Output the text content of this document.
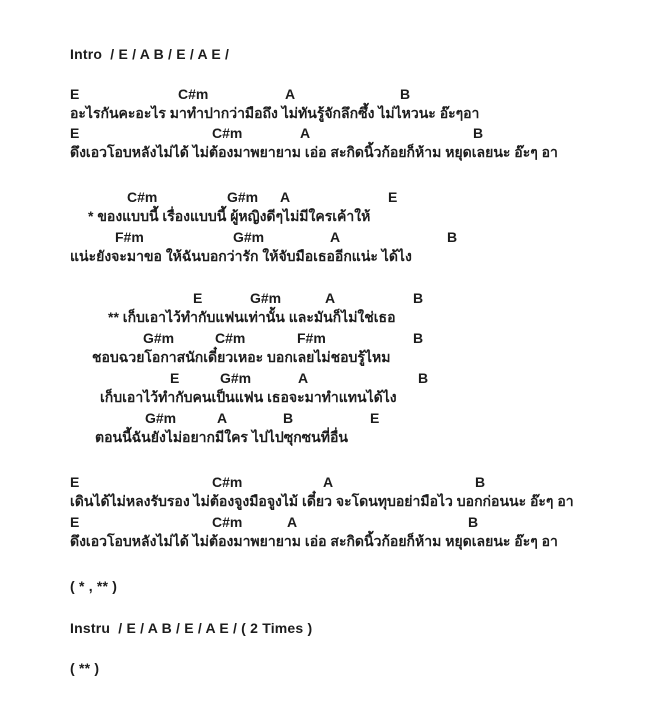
Intro  / E / A B / E / A E /
E	C#m	A	B
อะไรกันคะอะไร มาทำปากว่ามือถึง ไม่ทันรู้จักลึกซึ้ง ไม่ไหวนะ อ๊ะๆอา
E	C#m	A	B
ดึงเอวโอบหลังไม่ได้ ไม่ต้องมาพยายาม เอ่อ สะกิดนิ้วก้อยก็ห้าม หยุดเลยนะ อ๊ะๆ อา
C#m	G#m A	E
* ของแบบนี้ เรื่องแบบนี้ ผู้หญิงดีๆไม่มีใครเค้าให้
F#m	G#m	A	B
แน่ะยังจะมาขอ ให้ฉันบอกว่ารัก ให้จับมือเธออีกแน่ะ ได้ไง
E	G#m	A	B
** เก็บเอาไว้ทำกับแฟนเท่านั้น และมันก็ไม่ใช่เธอ
G#m	C#m	F#m	B
ชอบฉวยโอกาสนักเดี๋ยวเหอะ บอกเลยไม่ชอบรู้ไหม
E	G#m	A	B
เก็บเอาไว้ทำกับคนเป็นแฟน เธอจะมาทำแทนได้ไง
G#m	A	B	E
ตอนนี้ฉันยังไม่อยากมีใคร ไปไปซุกซนที่อื่น
E	C#m	A	B
เดินได้ไม่หลงรับรอง ไม่ต้องจูงมือจูงไม้ เดี๋ยว จะโดนทุบอย่ามือไว บอกก่อนนะ อ๊ะๆ อา
E	C#m	A	B
ดึงเอวโอบหลังไม่ได้ ไม่ต้องมาพยายาม เอ่อ สะกิดนิ้วก้อยก็ห้าม หยุดเลยนะ อ๊ะๆ อา
( * , ** )
Instru  / E / A B / E / A E / ( 2 Times )
( ** )
